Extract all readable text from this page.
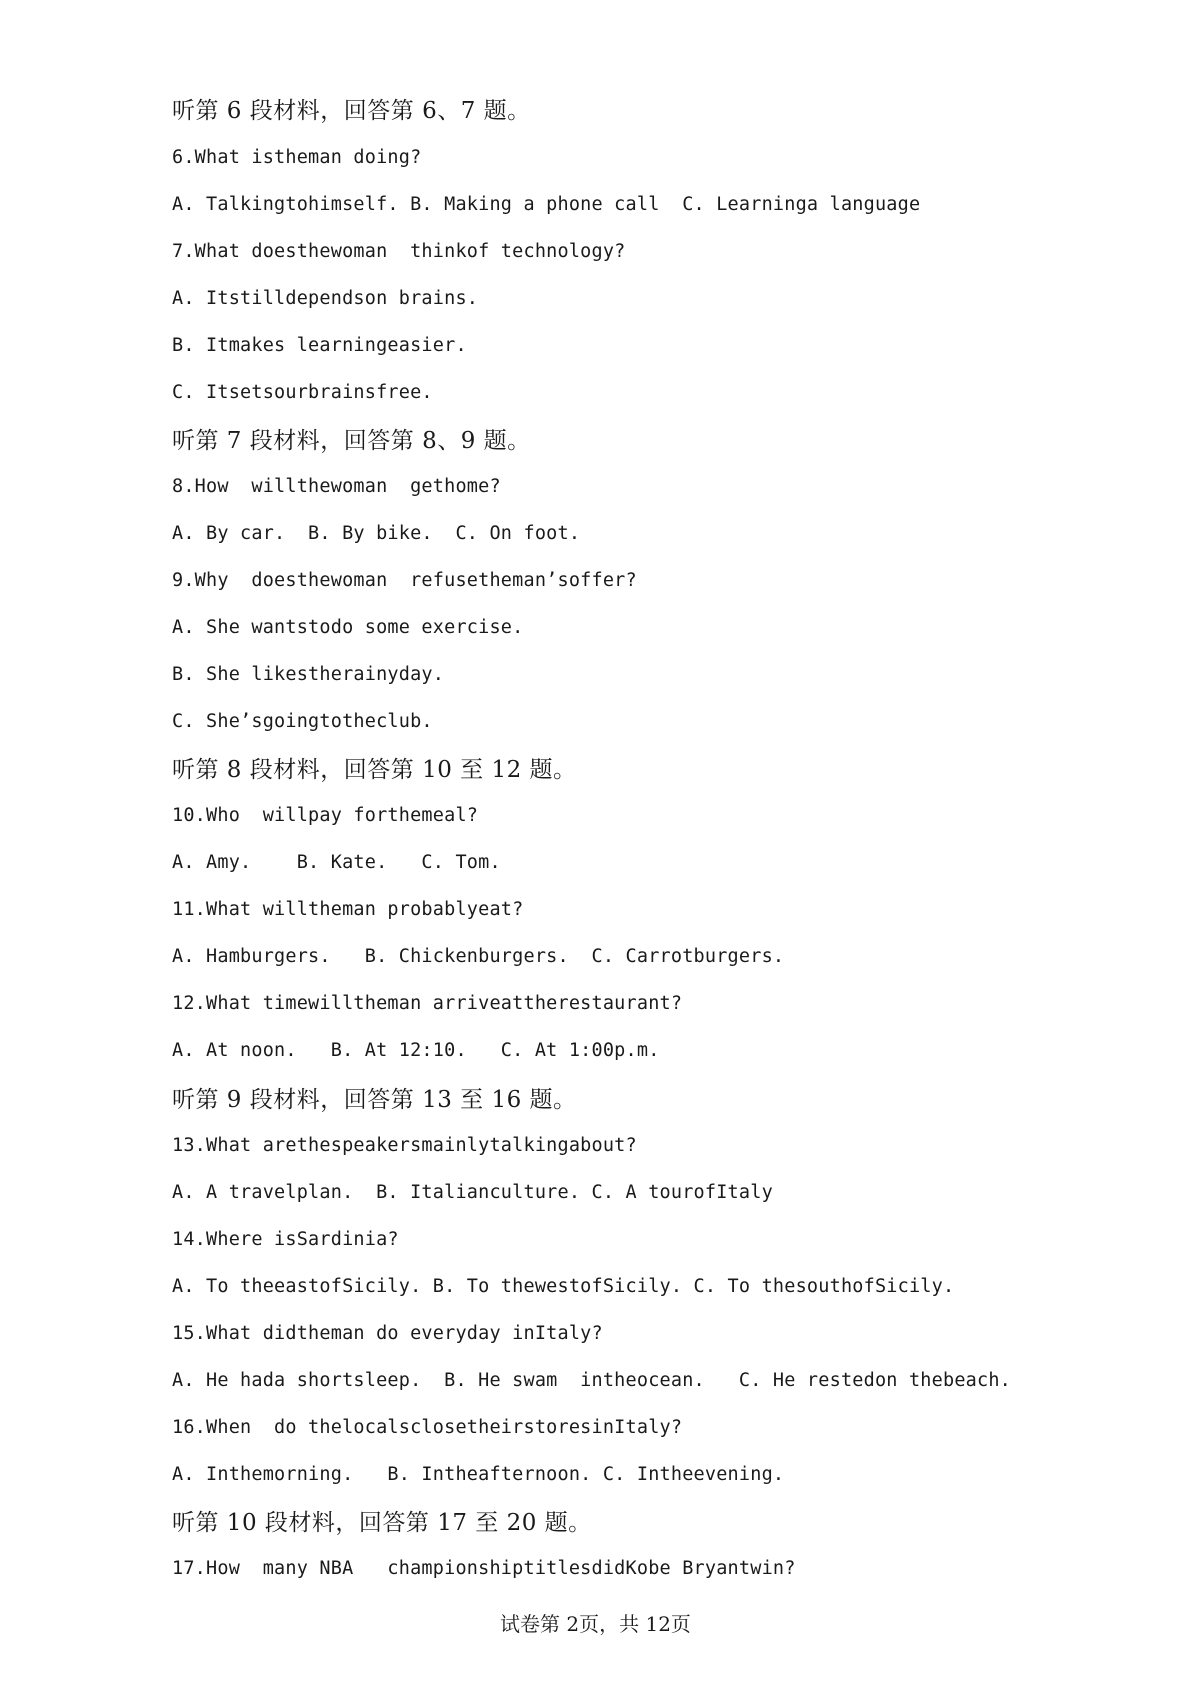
听第 6 段材料，回答第 6、7 题。
6.What istheman doing?
A. Talkingtohimself. B. Making a phone call  C. Learninga language
7.What doesthewoman  thinkof technology?
A. Itstilldependson brains.
B. Itmakes learningeasier.
C. Itsetsourbrainsfree.
听第 7 段材料，回答第 8、9 题。
8.How  willthewoman  gethome?
A. By car.  B. By bike.  C. On foot.
9.Why  doesthewoman  refusetheman’soffer?
A. She wantstodo some exercise.
B. She likestherainyday.
C. She’sgoingtotheclub.
听第 8 段材料，回答第 10 至 12 题。
10.Who  willpay forthemeal?
A. Amy.    B. Kate.   C. Tom.
11.What willtheman probablyeat?
A. Hamburgers.   B. Chickenburgers.  C. Carrotburgers.
12.What timewilltheman arriveattherestaurant?
A. At noon.   B. At 12:10.   C. At 1:00p.m.
听第 9 段材料，回答第 13 至 16 题。
13.What arethespeakersmainlytalkingabout?
A. A travelplan.  B. Italianculture. C. A tourofItaly
14.Where isSardinia?
A. To theeastofSicily. B. To thewestofSicily. C. To thesouthofSicily.
15.What didtheman do everyday inItaly?
A. He hada shortsleep.  B. He swam  intheocean.   C. He restedon thebeach.
16.When  do thelocalsclosetheirstoresinItaly?
A. Inthemorning.   B. Intheafternoon. C. Intheevening.
听第 10 段材料，回答第 17 至 20 题。
17.How  many NBA   championshiptitlesdidKobe Bryantwin?
试卷第 2页，共 12页
